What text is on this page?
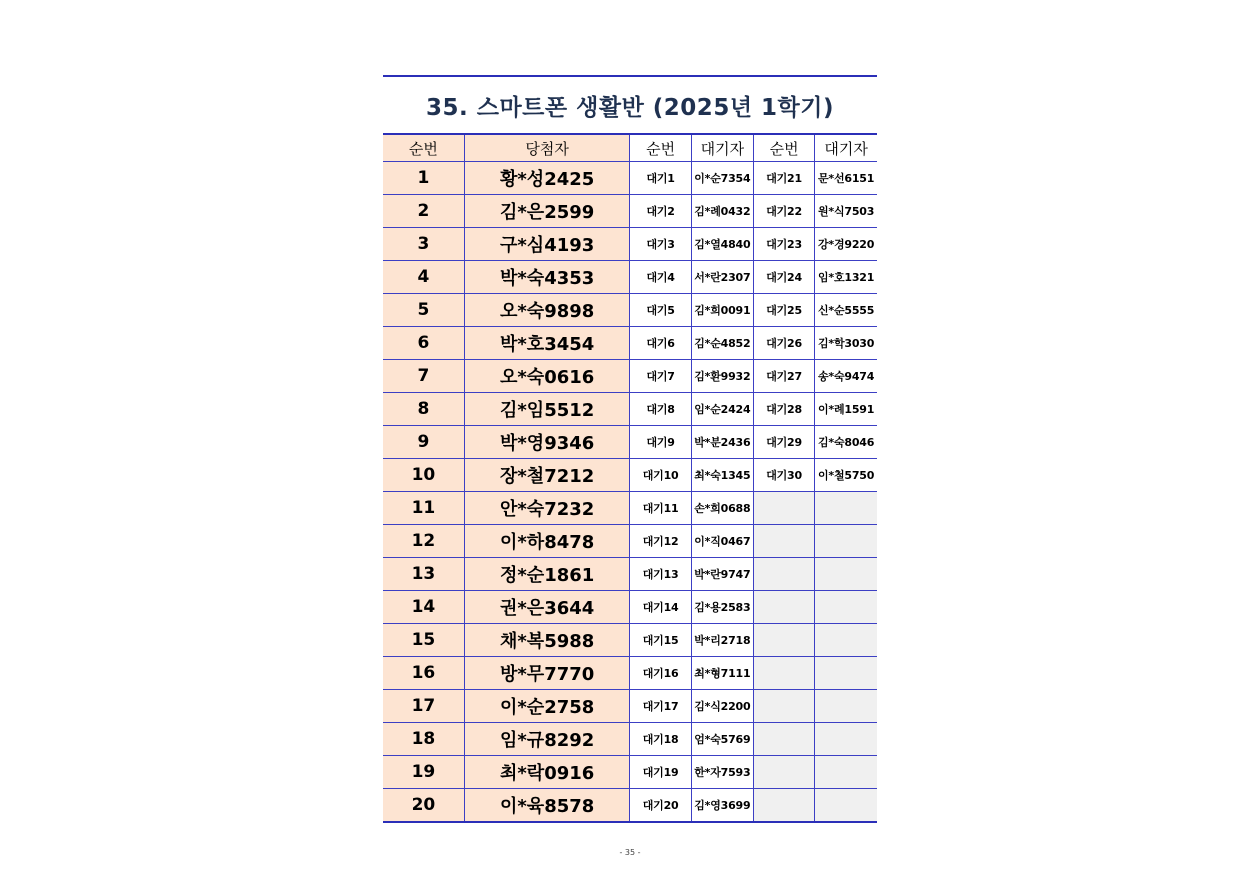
35. 스마트폰 생활반 (2025년 1학기)
순번	당첨자	순번	대기자	순번	대기자
1	황*성2425	대기1	이*순7354	대기21	문*선6151
2	김*은2599	대기2	김*례0432	대기22	원*식7503
3	구*심4193	대기3	김*열4840	대기23	강*경9220
4	박*숙4353	대기4	서*란2307	대기24	임*호1321
5	오*숙9898	대기5	김*희0091	대기25	신*순5555
6	박*호3454	대기6	김*순4852	대기26	김*학3030
7	오*숙0616	대기7	김*환9932	대기27	송*숙9474
8	김*임5512	대기8	임*순2424	대기28	이*례1591
9	박*영9346	대기9	박*분2436	대기29	김*숙8046
10	장*철7212	대기10	최*숙1345	대기30	이*철5750
11	안*숙7232	대기11	손*희0688		
12	이*하8478	대기12	이*직0467		
13	정*순1861	대기13	박*란9747		
14	권*은3644	대기14	김*용2583		
15	채*복5988	대기15	박*리2718		
16	방*무7770	대기16	최*형7111		
17	이*순2758	대기17	김*식2200		
18	임*규8292	대기18	엄*숙5769		
19	최*락0916	대기19	한*자7593		
20	이*육8578	대기20	김*영3699		
- 35 -
